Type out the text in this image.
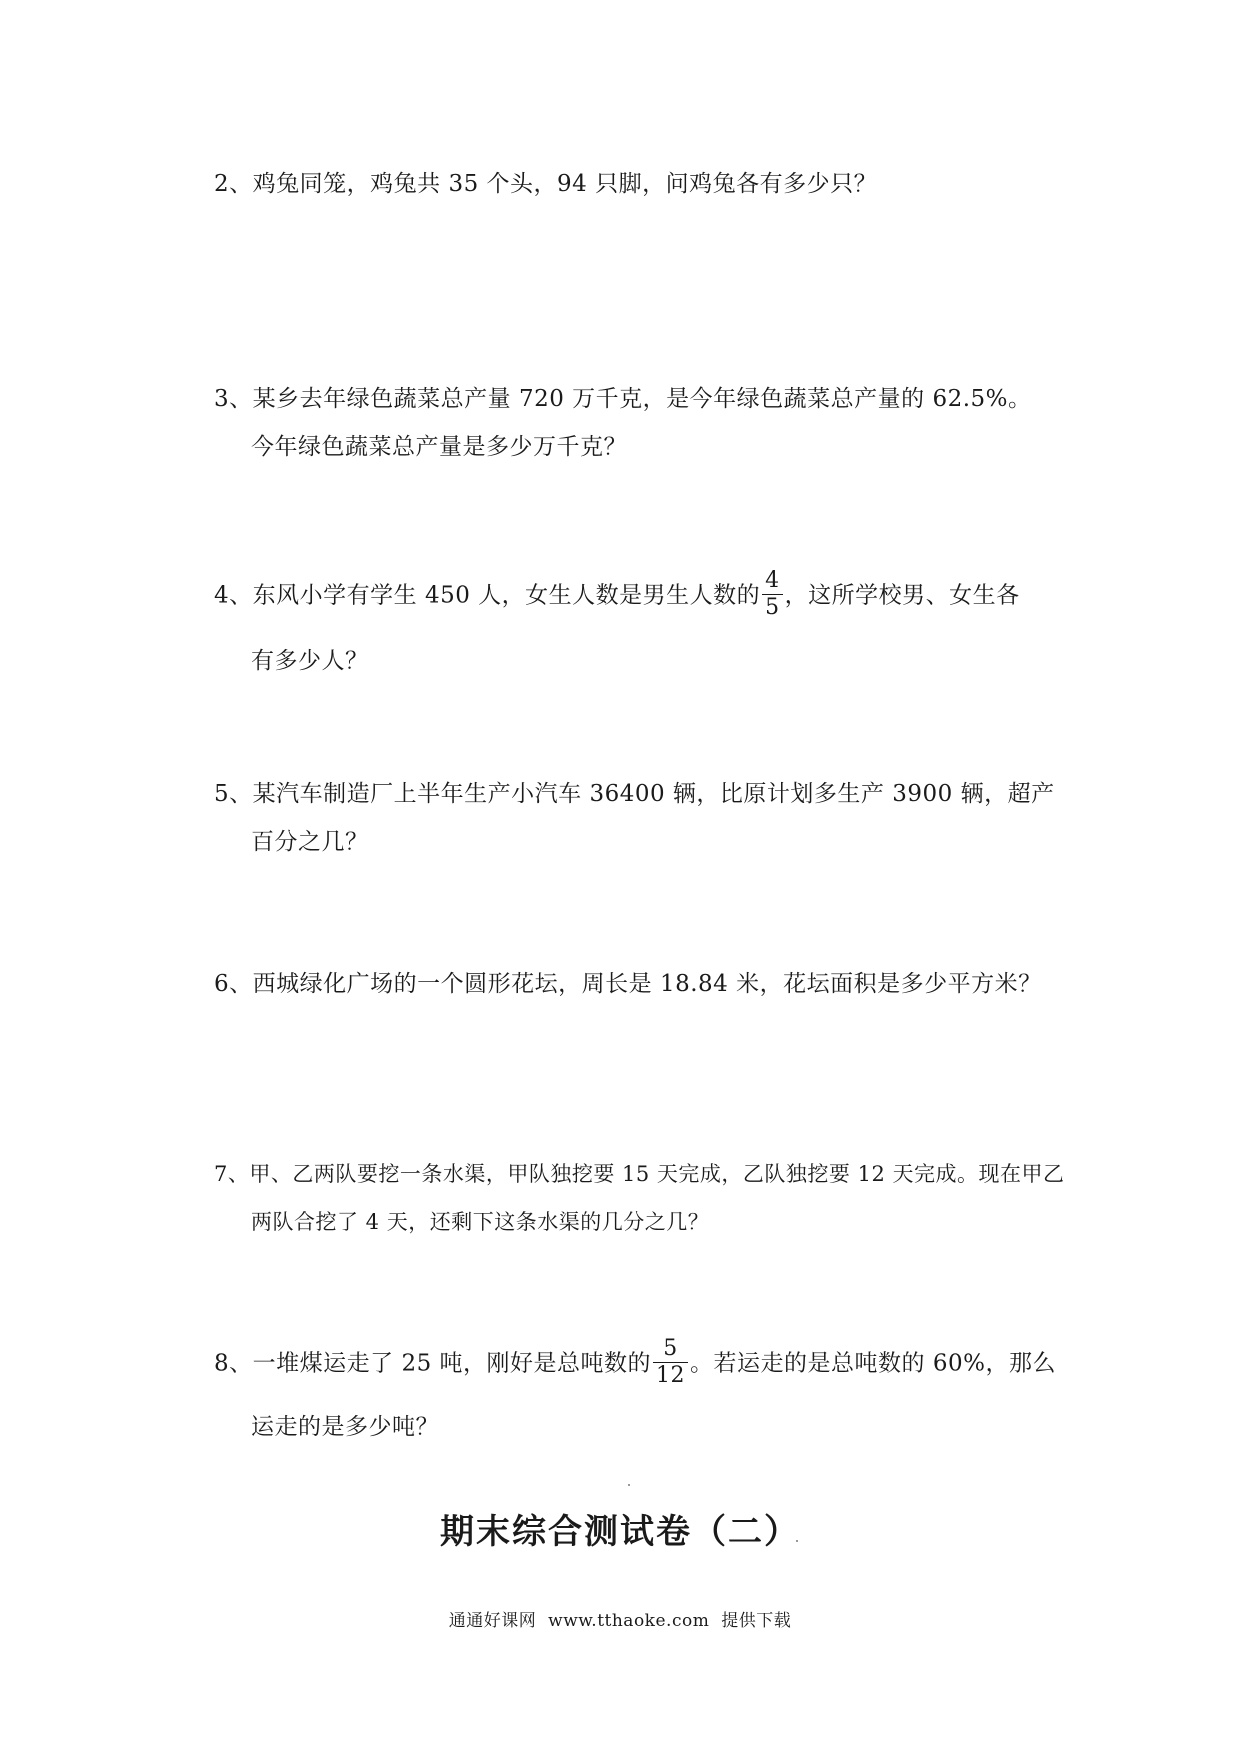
2、鸡兔同笼，鸡兔共 35 个头，94 只脚，问鸡兔各有多少只？
3、某乡去年绿色蔬菜总产量 720 万千克，是今年绿色蔬菜总产量的 62.5%。
今年绿色蔬菜总产量是多少万千克？
4、东风小学有学生 450 人，女生人数是男生人数的 $\frac{4}{5}$ ，这所学校男、女生各
有多少人？
5、某汽车制造厂上半年生产小汽车 36400 辆，比原计划多生产 3900 辆，超产
百分之几？
6、西城绿化广场的一个圆形花坛，周长是 18.84 米，花坛面积是多少平方米？
7、甲、乙两队要挖一条水渠，甲队独挖要 15 天完成，乙队独挖要 12 天完成。现在甲乙
两队合挖了 4 天，还剩下这条水渠的几分之几？
8、一堆煤运走了 25 吨，刚好是总吨数的 $\frac{5}{12}$ 。若运走的是总吨数的 60%，那么
运走的是多少吨？
期末综合测试卷（二）
通通好课网 www.tthaoke.com 提供下载
